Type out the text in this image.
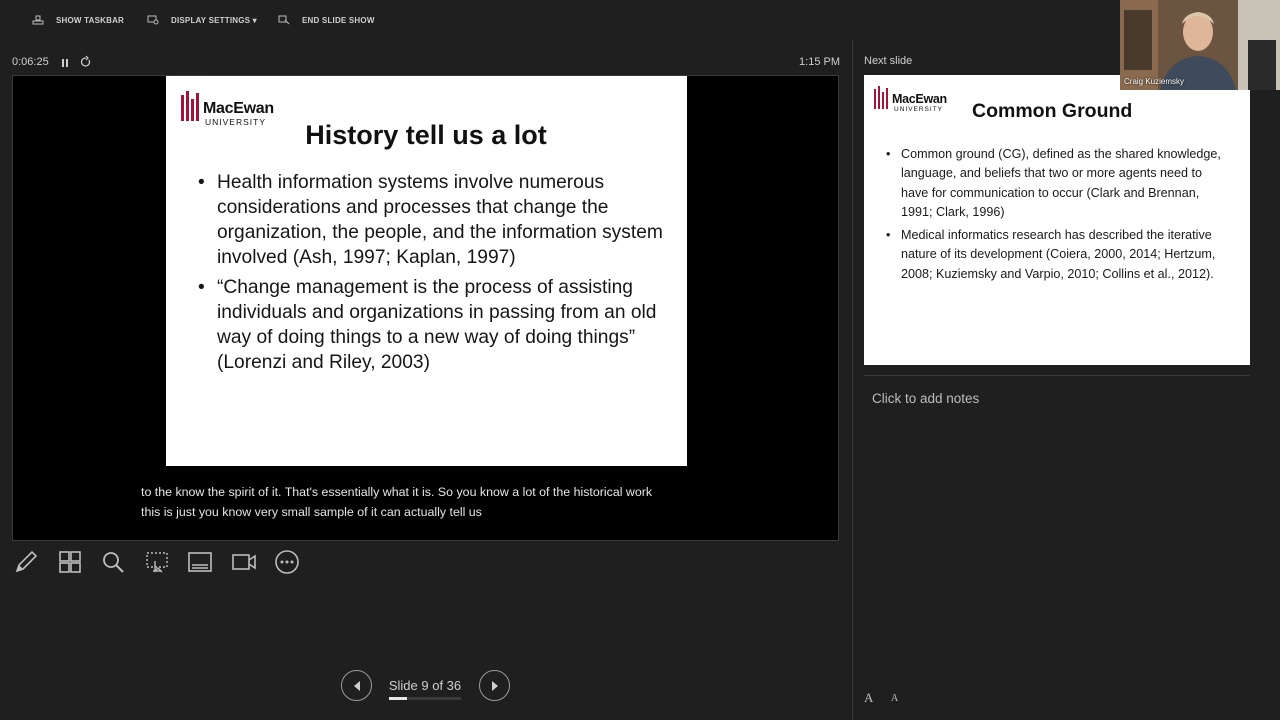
SHOW TASKBAR	DISPLAY SETTINGS ▾	END SLIDE SHOW
0:06:25	1:15 PM
MacEwan
UNIVERSITY	History tell us a lot
• Health information systems involve numerous considerations and processes that change the organization, the people, and the information system involved (Ash, 1997; Kaplan, 1997)
• “Change management is the process of assisting individuals and organizations in passing from an old way of doing things to a new way of doing things” (Lorenzi and Riley, 2003)
to the know the spirit of it. That's essentially what it is. So you know a lot of the historical work
this is just you know very small sample of it can actually tell us
Slide 9 of 36
Next slide
MacEwan
UNIVERSITY Common Ground
• Common ground (CG), defined as the shared knowledge, language, and beliefs that two or more agents need to have for communication to occur (Clark and Brennan, 1991; Clark, 1996)
• Medical informatics research has described the iterative nature of its development (Coiera, 2000, 2014; Hertzum, 2008; Kuziemsky and Varpio, 2010; Collins et al., 2012).
Click to add notes
A A
Craig Kuziemsky
